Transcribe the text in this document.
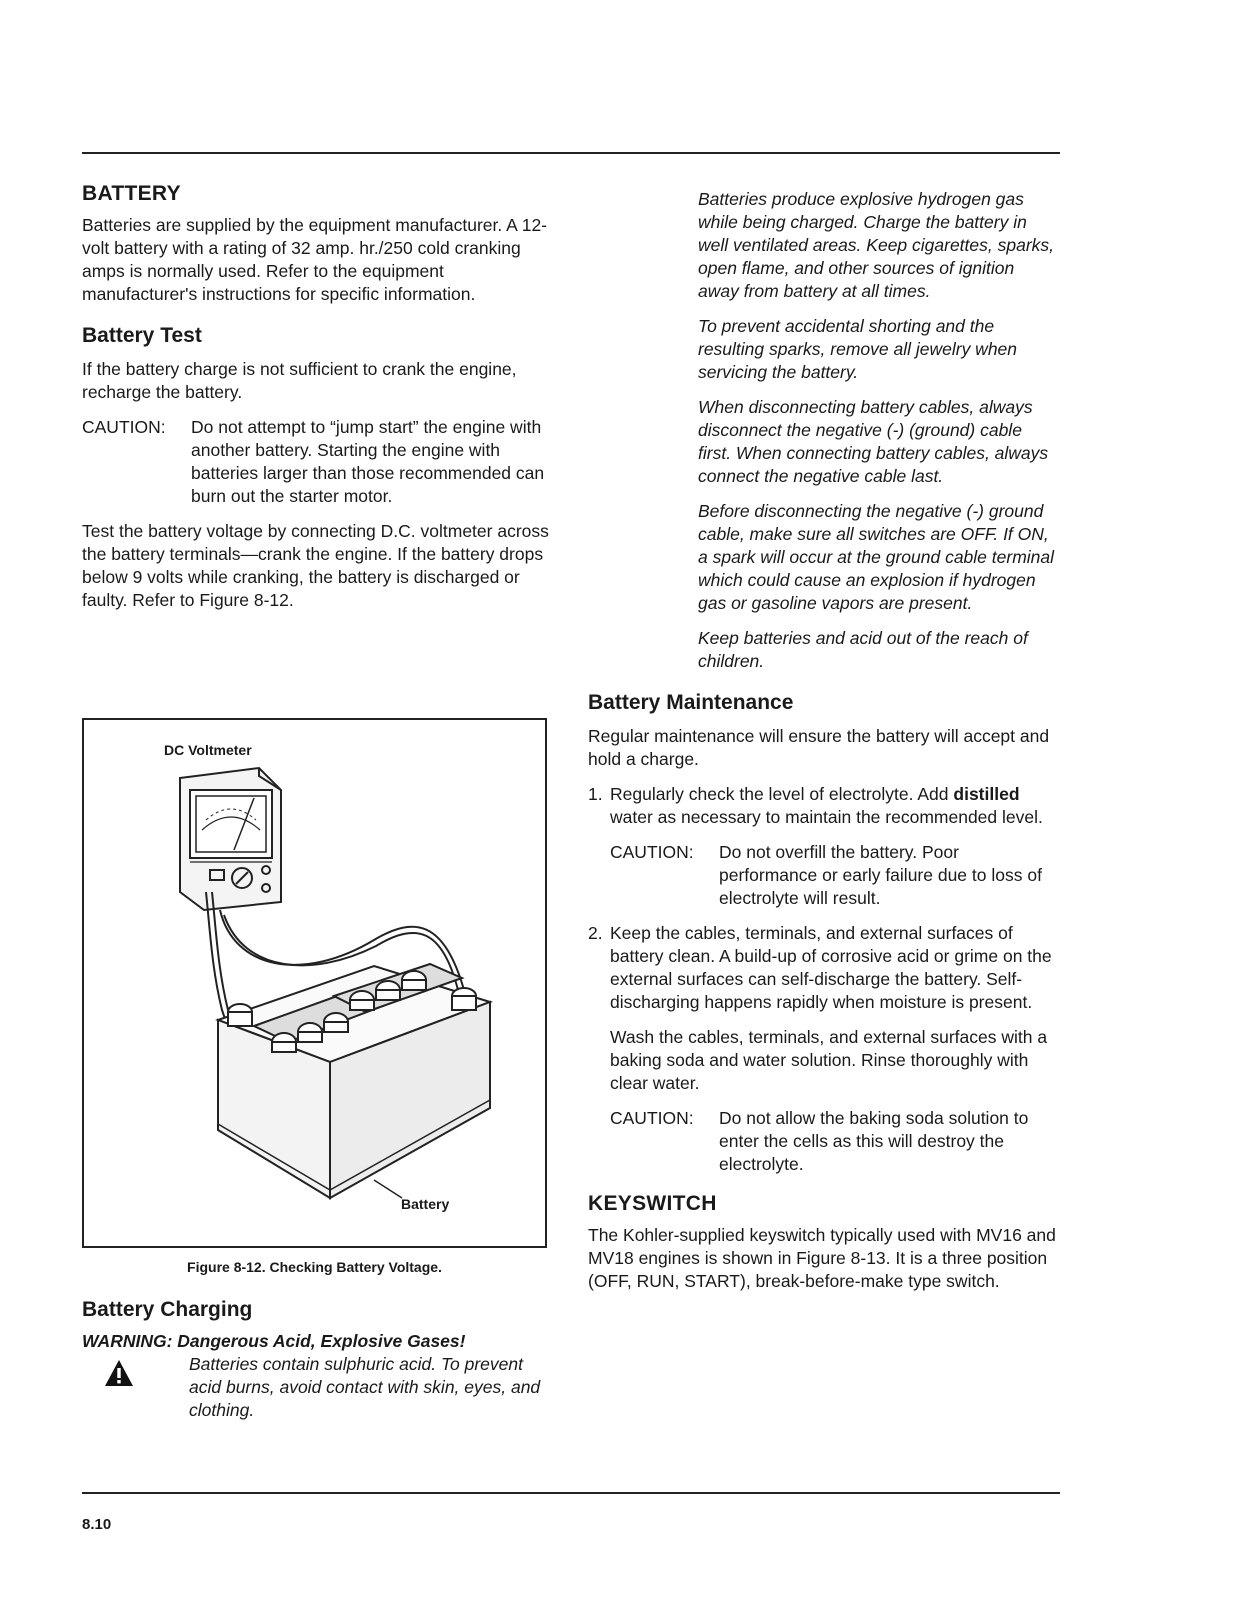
BATTERY

Batteries are supplied by the equipment manufacturer. A 12-volt battery with a rating of 32 amp. hr./250 cold cranking amps is normally used. Refer to the equipment manufacturer's instructions for specific information.

Battery Test

If the battery charge is not sufficient to crank the engine, recharge the battery.

CAUTION:	Do not attempt to “jump start” the engine with another battery. Starting the engine with batteries larger than those recommended can burn out the starter motor.

Test the battery voltage by connecting D.C. voltmeter across the battery terminals—crank the engine. If the battery drops below 9 volts while cranking, the battery is discharged or faulty. Refer to Figure 8-12.

DC Voltmeter
Battery
Figure 8-12. Checking Battery Voltage.
Battery Charging
WARNING: Dangerous Acid, Explosive Gases!
Batteries contain sulphuric acid. To prevent acid burns, avoid contact with skin, eyes, and clothing.

Batteries produce explosive hydrogen gas while being charged. Charge the battery in well ventilated areas. Keep cigarettes, sparks, open flame, and other sources of ignition away from battery at all times.

To prevent accidental shorting and the resulting sparks, remove all jewelry when servicing the battery.

When disconnecting battery cables, always disconnect the negative (-) (ground) cable first. When connecting battery cables, always connect the negative cable last.

Before disconnecting the negative (-) ground cable, make sure all switches are OFF. If ON, a spark will occur at the ground cable terminal which could cause an explosion if hydrogen gas or gasoline vapors are present.

Keep batteries and acid out of the reach of children.

Battery Maintenance

Regular maintenance will ensure the battery will accept and hold a charge.

1. Regularly check the level of electrolyte. Add distilled water as necessary to maintain the recommended level.

CAUTION:	Do not overfill the battery. Poor performance or early failure due to loss of electrolyte will result.
2. Keep the cables, terminals, and external surfaces of battery clean. A build-up of corrosive acid or grime on the external surfaces can self-discharge the battery. Self-discharging happens rapidly when moisture is present.

Wash the cables, terminals, and external surfaces with a baking soda and water solution. Rinse thoroughly with clear water.

CAUTION:	Do not allow the baking soda solution to enter the cells as this will destroy the electrolyte.
KEYSWITCH

The Kohler-supplied keyswitch typically used with MV16 and MV18 engines is shown in Figure 8-13. It is a three position (OFF, RUN, START), break-before-make type switch.

8.10
